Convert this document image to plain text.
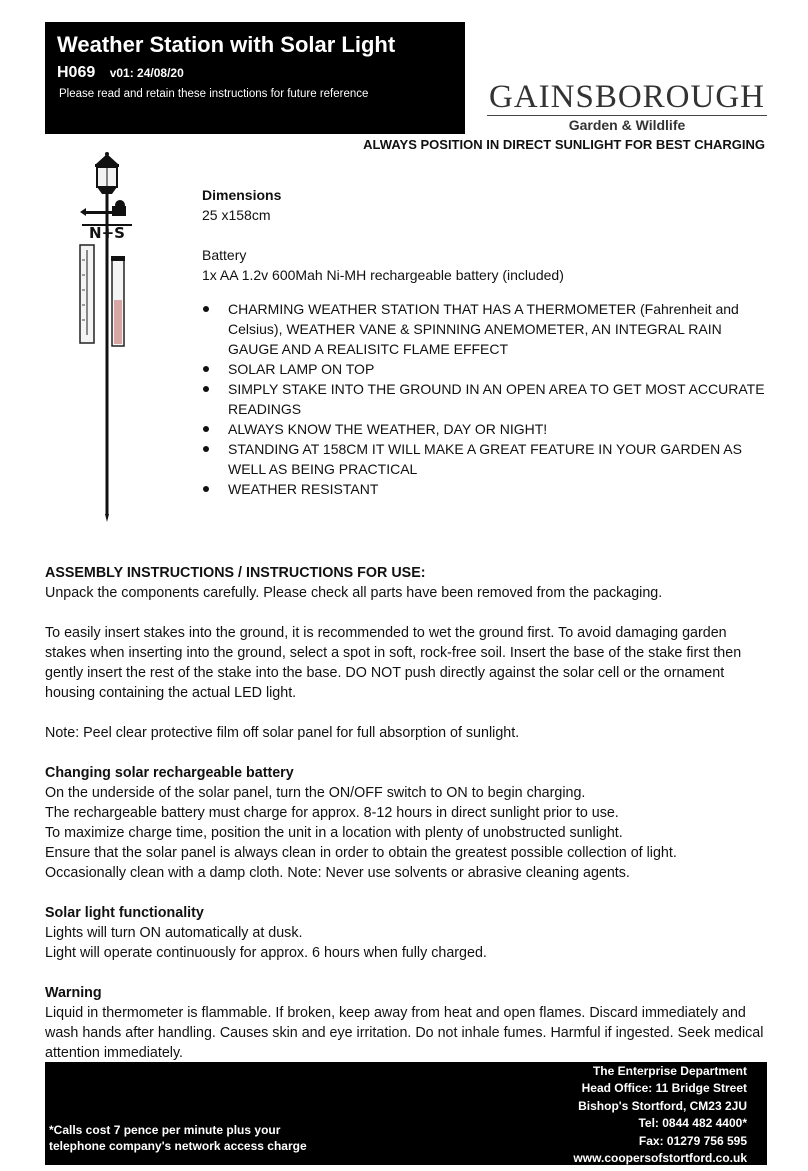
Weather Station with Solar Light
H069 v01: 24/08/20
Please read and retain these instructions for future reference	GAINSBOROUGH
Garden & Wildlife
ALWAYS POSITION IN DIRECT SUNLIGHT FOR BEST CHARGING
N+S

Dimensions

25 x158cm

Battery

1x AA 1.2v 600Mah Ni-MH rechargeable battery (included)

CHARMING WEATHER STATION THAT HAS A THERMOMETER (Fahrenheit and Celsius), WEATHER VANE & SPINNING ANEMOMETER, AN INTEGRAL RAIN GAUGE AND A REALISITC FLAME EFFECT
SOLAR LAMP ON TOP
SIMPLY STAKE INTO THE GROUND IN AN OPEN AREA TO GET MOST ACCURATE READINGS
ALWAYS KNOW THE WEATHER, DAY OR NIGHT!
STANDING AT 158CM IT WILL MAKE A GREAT FEATURE IN YOUR GARDEN AS WELL AS BEING PRACTICAL
WEATHER RESISTANT

ASSEMBLY INSTRUCTIONS / INSTRUCTIONS FOR USE:

Unpack the components carefully. Please check all parts have been removed from the packaging.

To easily insert stakes into the ground, it is recommended to wet the ground first. To avoid damaging garden stakes when inserting into the ground, select a spot in soft, rock-free soil. Insert the base of the stake first then gently insert the rest of the stake into the base. DO NOT push directly against the solar cell or the ornament housing containing the actual LED light.

Note: Peel clear protective film off solar panel for full absorption of sunlight.

Changing solar rechargeable battery

On the underside of the solar panel, turn the ON/OFF switch to ON to begin charging.

The rechargeable battery must charge for approx. 8-12 hours in direct sunlight prior to use.

To maximize charge time, position the unit in a location with plenty of unobstructed sunlight.

Ensure that the solar panel is always clean in order to obtain the greatest possible collection of light.

Occasionally clean with a damp cloth. Note: Never use solvents or abrasive cleaning agents.

Solar light functionality

Lights will turn ON automatically at dusk.

Light will operate continuously for approx. 6 hours when fully charged.

Warning

Liquid in thermometer is flammable. If broken, keep away from heat and open flames. Discard immediately and wash hands after handling. Causes skin and eye irritation. Do not inhale fumes. Harmful if ingested. Seek medical attention immediately.

The Enterprise Department
Head Office: 11 Bridge Street
Bishop's Stortford, CM23 2JU
Tel: 0844 482 4400*
Fax: 01279 756 595
www.coopersofstortford.co.uk
*Calls cost 7 pence per minute plus your
telephone company's network access charge
